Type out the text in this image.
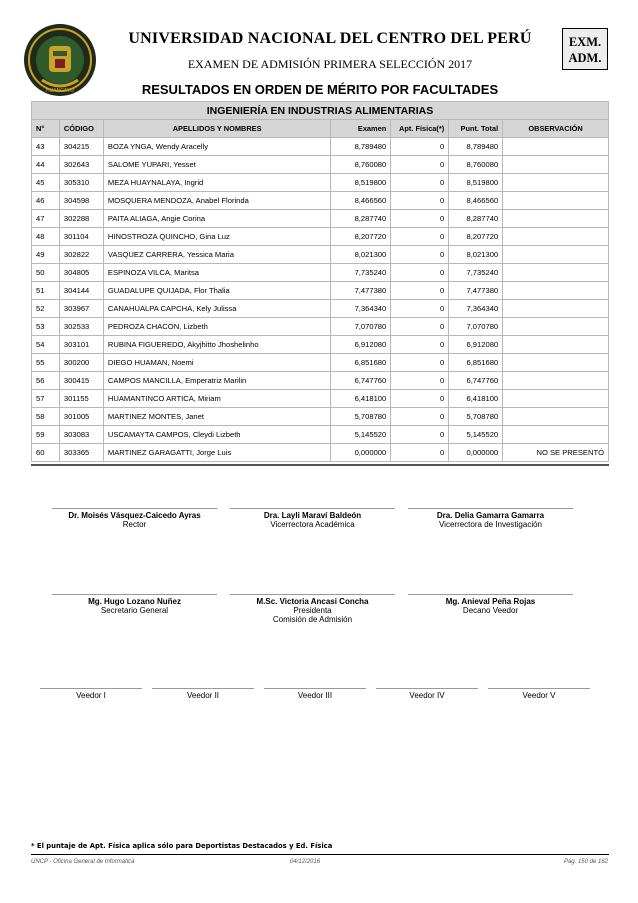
HUANCAYO
UNIVERSIDAD NACIONAL DEL CENTRO DEL PERÚ
EXAMEN DE ADMISIÓN PRIMERA SELECCIÓN 2017
EXM.
ADM.
RESULTADOS EN ORDEN DE MÉRITO POR FACULTADES
INGENIERÍA EN INDUSTRIAS ALIMENTARIAS						
N°	CÓDIGO	APELLIDOS Y NOMBRES	Examen	Apt. Física(*)	Punt. Total	OBSERVACIÓN
43	304215	BOZA YNGA, Wendy Aracelly	8,789480	0	8,789480	
44	302643	SALOME YUPARI, Yesset	8,760080	0	8,760080	
45	305310	MEZA HUAYNALAYA, Ingrid	8,519800	0	8,519800	
46	304598	MOSQUERA MENDOZA, Anabel Florinda	8,466560	0	8,466560	
47	302288	PAITA ALIAGA, Angie Corina	8,287740	0	8,287740	
48	301104	HINOSTROZA QUINCHO, Gina Luz	8,207720	0	8,207720	
49	302822	VASQUEZ CARRERA, Yessica Maria	8,021300	0	8,021300	
50	304805	ESPINOZA VILCA, Maritsa	7,735240	0	7,735240	
51	304144	GUADALUPE QUIJADA, Flor Thalia	7,477380	0	7,477380	
52	303967	CANAHUALPA CAPCHA, Kely Julissa	7,364340	0	7,364340	
53	302533	PEDROZA CHACON, Lizbeth	7,070780	0	7,070780	
54	303101	RUBINA FIGUEREDO, Akyjhitto Jhoshelinho	6,912080	0	6,912080	
55	300200	DIEGO HUAMAN, Noemi	6,851680	0	6,851680	
56	300415	CAMPOS MANCILLA, Emperatriz Marilin	6,747760	0	6,747760	
57	301155	HUAMANTINCO ARTICA, Miriam	6,418100	0	6,418100	
58	301005	MARTINEZ MONTES, Janet	5,708780	0	5,708780	
59	303083	USCAMAYTA CAMPOS, Cleydi Lizbeth	5,145520	0	5,145520	
60	303365	MARTINEZ GARAGATTI, Jorge Luis	0,000000	0	0,000000	NO SE PRESENTÓ
Dr. Moisés Vásquez-Caicedo Ayras
Rector
Dra. Layli Maraví Baldeón
Vicerrectora Académica
Dra. Delia Gamarra Gamarra
Vicerrectora de Investigación
Mg. Hugo Lozano Nuñez
Secretario General
M.Sc. Victoria Ancasi Concha
Presidenta
Comisión de Admisión
Mg. Anieval Peña Rojas
Decano Veedor
Veedor I	Veedor II	Veedor III	Veedor IV	Veedor V
* El puntaje de Apt. Física aplica sólo para Deportistas Destacados y Ed. Física
UNCP - Oficina General de Informática	04/12/2016	Pág. 150 de 162
